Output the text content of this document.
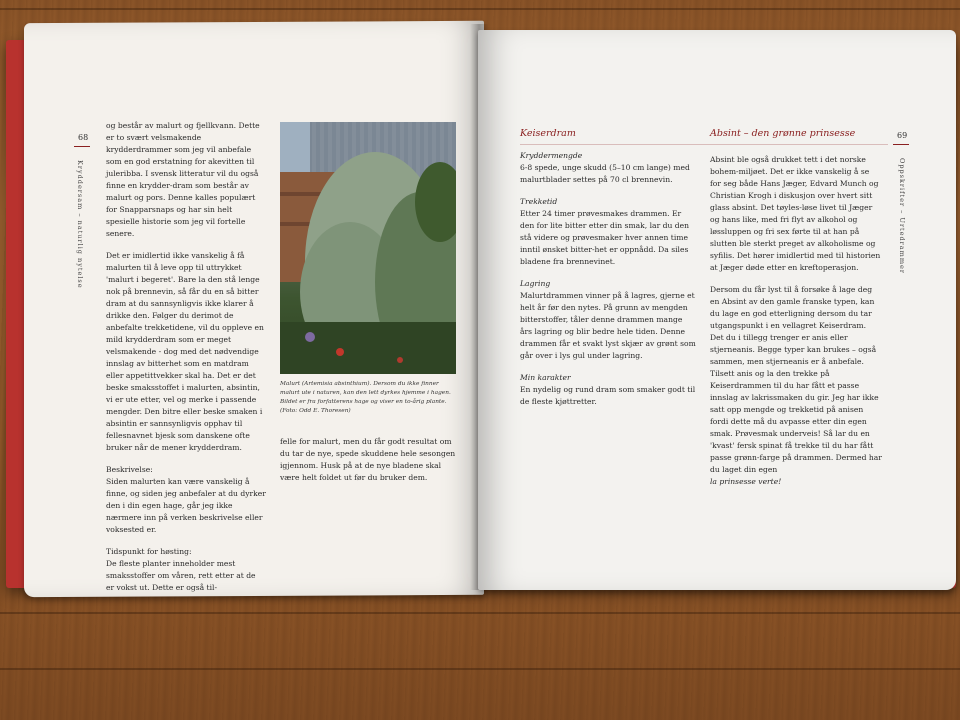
68
Kryddersam – naturlig nytelse

og består av malurt og fjellkvann. Dette er to svært velsmakende krydderdrammer som jeg vil anbefale som en god erstatning for akevitten til juleribba. I svensk litteratur vil du også finne en krydder-dram som består av malurt og pors. Denne kalles populært for Snapparsnaps og har sin helt spesielle historie som jeg vil fortelle senere.

Det er imidlertid ikke vanskelig å få malurten til å leve opp til uttrykket 'malurt i begeret'. Bare la den stå lenge nok på brennevin, så får du en så bitter dram at du sannsynligvis ikke klarer å drikke den. Følger du derimot de anbefalte trekketidene, vil du oppleve en mild krydderdram som er meget velsmakende - dog med det nødvendige innslag av bitterhet som en matdram eller appetittvekker skal ha. Det er det beske smaksstoffet i malurten, absintin, vi er ute etter, vel og merke i passende mengder. Den bitre eller beske smaken i absintin er sannsynligvis opphav til fellesnavnet bjesk som danskene ofte bruker når de mener krydderdram.

Beskrivelse:

Siden malurten kan være vanskelig å finne, og siden jeg anbefaler at du dyrker den i din egen hage, går jeg ikke nærmere inn på verken beskrivelse eller voksested er.

Tidspunkt for høsting:

De fleste planter inneholder mest smaksstoffer om våren, rett etter at de er vokst ut. Dette er også til-

Malurt (Artemisia absinthium). Dersom du ikke finner malurt ute i naturen, kan den lett dyrkes hjemme i hagen. Bildet er fra forfatterens hage og viser en to-årig plante. (Foto: Odd E. Thoresen)

felle for malurt, men du får godt resultat om du tar de nye, spede skuddene hele sesongen igjennom. Husk på at de nye bladene skal være helt foldet ut før du bruker dem.

69
Oppskrifter – Urtedrammer
Keiserdram
Kryddermengde

6-8 spede, unge skudd (5–10 cm lange) med malurtblader settes på 70 cl brennevin.

Trekketid

Etter 24 timer prøvesmakes drammen. Er den for lite bitter etter din smak, lar du den stå videre og prøvesmaker hver annen time inntil ønsket bitter-het er oppnådd. Da siles bladene fra brennevinet.

Lagring

Malurtdrammen vinner på å lagres, gjerne et helt år før den nytes. På grunn av mengden bitterstoffer, tåler denne drammen mange års lagring og blir bedre hele tiden. Denne drammen får et svakt lyst skjær av grønt som går over i lys gul under lagring.

Min karakter

En nydelig og rund dram som smaker godt til de fleste kjøttretter.

Absint – den grønne prinsesse

Absint ble også drukket tett i det norske bohem-miljøet. Det er ikke vanskelig å se for seg både Hans Jæger, Edvard Munch og Christian Krogh i diskusjon over hvert sitt glass absint. Det tøyles-løse livet til Jæger og hans like, med fri flyt av alkohol og løssluppen og fri sex førte til at han på slutten ble sterkt preget av alkoholisme og syfilis. Det hører imidlertid med til historien at Jæger døde etter en kreftoperasjon.

Dersom du får lyst til å forsøke å lage deg en Absint av den gamle franske typen, kan du lage en god etterligning dersom du tar utgangspunkt i en vellagret Keiserdram. Det du i tillegg trenger er anis eller stjerneanis. Begge typer kan brukes – også sammen, men stjerneanis er å anbefale. Tilsett anis og la den trekke på Keiserdrammen til du har fått et passe innslag av lakrissmaken du gir. Jeg har ikke satt opp mengde og trekketid på anisen fordi dette må du avpasse etter din egen smak. Prøvesmak underveis! Så lar du en 'kvast' fersk spinat få trekke til du har fått passe grønn-farge på drammen. Dermed har du laget din egen

la prinsesse verte!
